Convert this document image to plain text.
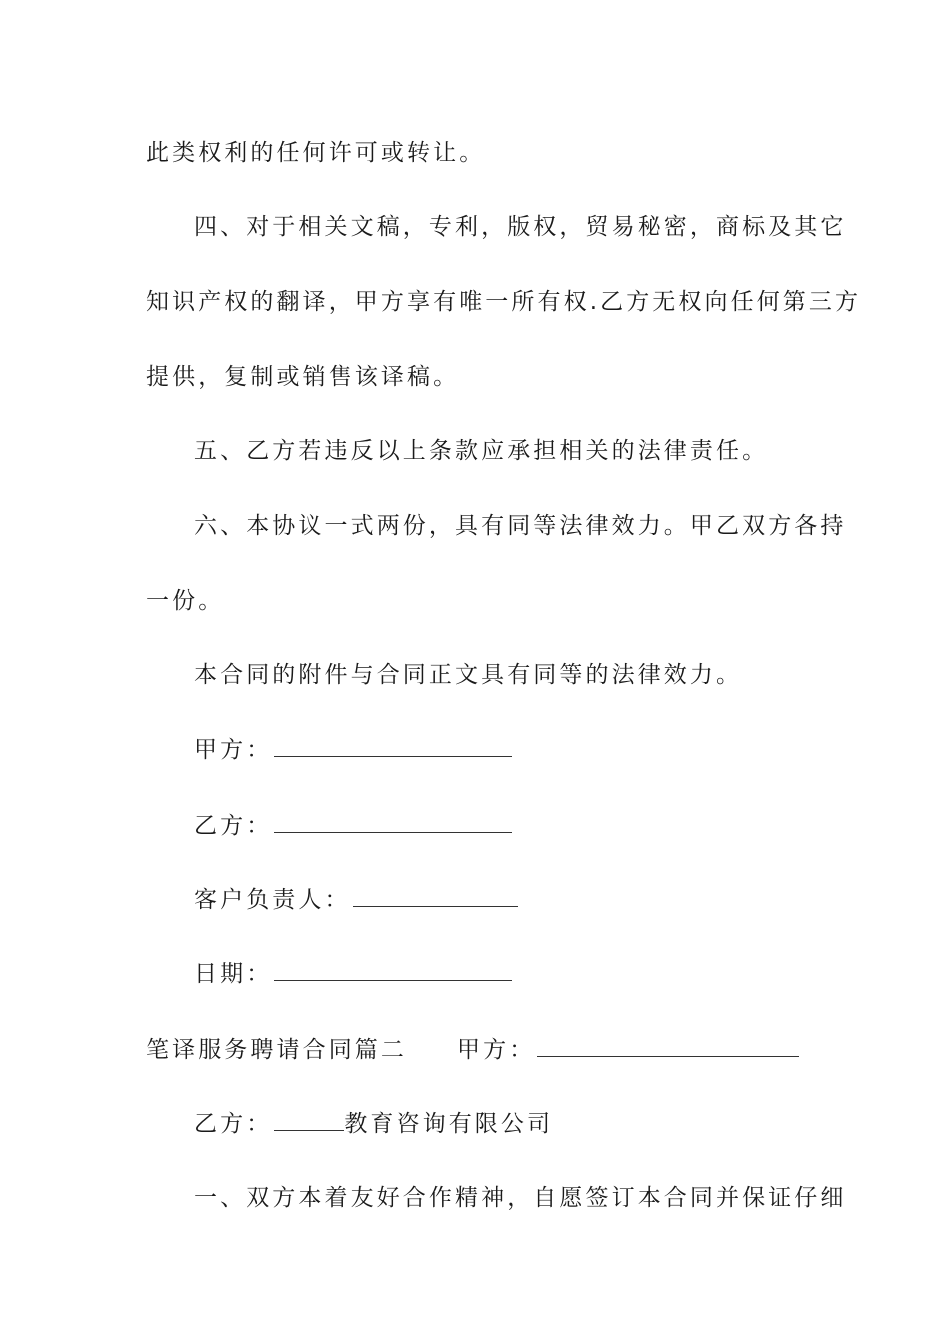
此类权利的任何许可或转让。
四、对于相关文稿，专利，版权，贸易秘密，商标及其它
知识产权的翻译，甲方享有唯一所有权.乙方无权向任何第三方
提供，复制或销售该译稿。
五、乙方若违反以上条款应承担相关的法律责任。
六、本协议一式两份，具有同等法律效力。甲乙双方各持
一份。
本合同的附件与合同正文具有同等的法律效力。
甲方：
乙方：
客户负责人：
日期：
笔译服务聘请合同篇二 甲方：
乙方：	教育咨询有限公司
一、双方本着友好合作精神，自愿签订本合同并保证仔细
